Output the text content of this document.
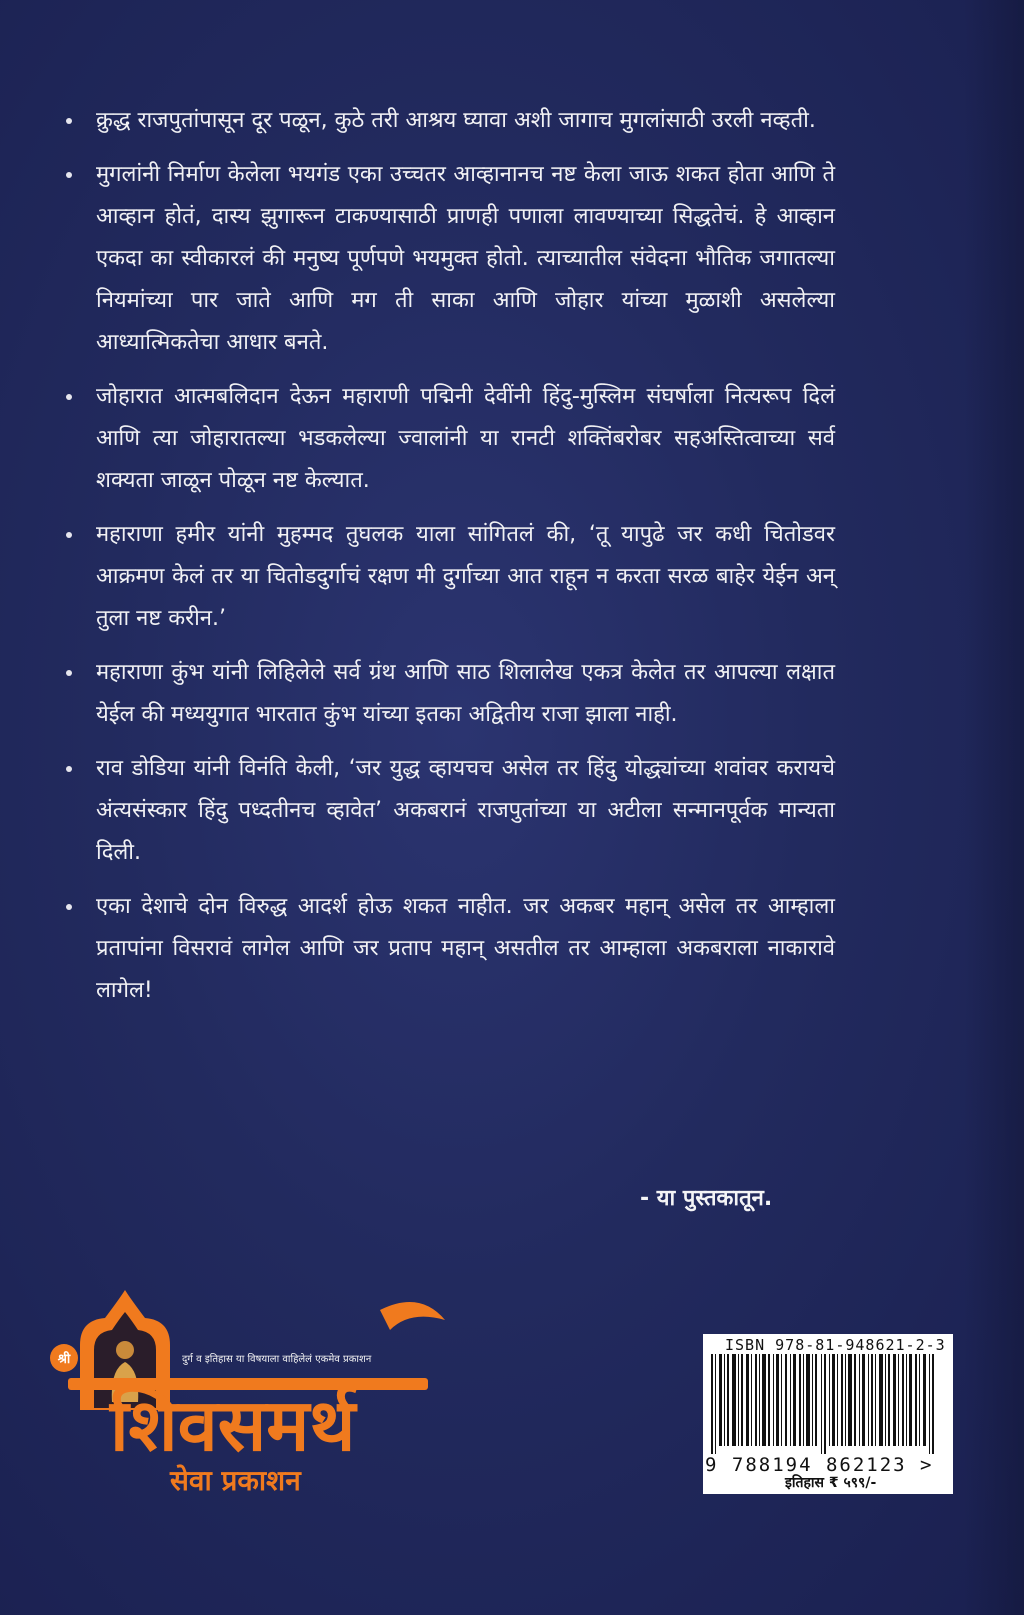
क्रुद्ध राजपुतांपासून दूर पळून, कुठे तरी आश्रय घ्यावा अशी जागाच मुगलांसाठी उरली नव्हती.
मुगलांनी निर्माण केलेला भयगंड एका उच्चतर आव्हानानच नष्ट केला जाऊ शकत होता आणि ते आव्हान होतं, दास्य झुगारून टाकण्यासाठी प्राणही पणाला लावण्याच्या सिद्धतेचं. हे आव्हान एकदा का स्वीकारलं की मनुष्य पूर्णपणे भयमुक्त होतो. त्याच्यातील संवेदना भौतिक जगातल्या नियमांच्या पार जाते आणि मग ती साका आणि जोहार यांच्या मुळाशी असलेल्या आध्यात्मिकतेचा आधार बनते.
जोहारात आत्मबलिदान देऊन महाराणी पद्मिनी देवींनी हिंदु-मुस्लिम संघर्षाला नित्यरूप दिलं आणि त्या जोहारातल्या भडकलेल्या ज्वालांनी या रानटी शक्तिंबरोबर सहअस्तित्वाच्या सर्व शक्यता जाळून पोळून नष्ट केल्यात.
महाराणा हमीर यांनी मुहम्मद तुघलक याला सांगितलं की, ‘तू यापुढे जर कधी चितोडवर आक्रमण केलं तर या चितोडदुर्गाचं रक्षण मी दुर्गाच्या आत राहून न करता सरळ बाहेर येईन अन् तुला नष्ट करीन.’
महाराणा कुंभ यांनी लिहिलेले सर्व ग्रंथ आणि साठ शिलालेख एकत्र केलेत तर आपल्या लक्षात येईल की मध्ययुगात भारतात कुंभ यांच्या इतका अद्वितीय राजा झाला नाही.
राव डोडिया यांनी विनंति केली, ‘जर युद्ध व्हायचच असेल तर हिंदु योद्ध्यांच्या शवांवर करायचे अंत्यसंस्कार हिंदु पध्दतीनच व्हावेत’ अकबरानं राजपुतांच्या या अटीला सन्मानपूर्वक मान्यता दिली.
एका देशाचे दोन विरुद्ध आदर्श होऊ शकत नाहीत. जर अकबर महान् असेल तर आम्हाला प्रतापांना विसरावं लागेल आणि जर प्रताप महान् असतील तर आम्हाला अकबराला नाकारावे लागेल!
- या पुस्तकातून.
श्री	दुर्ग व इतिहास या विषयाला वाहिलेलं एकमेव प्रकाशन
शिवसमर्थ
सेवा प्रकाशन
ISBN 978-81-948621-2-3
9 788194 862123 >
इतिहास ₹ ५९९/-
